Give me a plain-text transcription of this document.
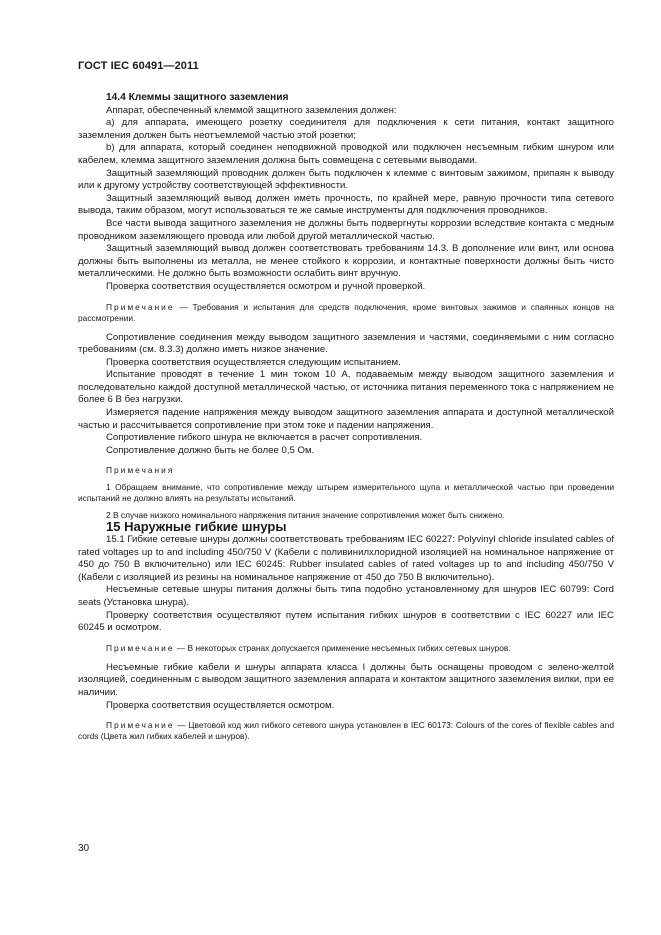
ГОСТ IEC 60491—2011

14.4 Клеммы защитного заземления

Аппарат, обеспеченный клеммой защитного заземления должен:

а) для аппарата, имеющего розетку соединителя для подключения к сети питания, контакт защитного заземления должен быть неотъемлемой частью этой розетки;

b) для аппарата, который соединен неподвижной проводкой или подключен несъемным гибким шнуром или кабелем, клемма защитного заземления должна быть совмещена с сетевыми выводами.

Защитный заземляющий проводник должен быть подключен к клемме с винтовым зажимом, припаян к выводу или к другому устройству соответствующей эффективности.

Защитный заземляющий вывод должен иметь прочность, по крайней мере, равную прочности типа сетевого вывода, таким образом, могут использоваться те же самые инструменты для подключения проводников.

Все части вывода защитного заземления не должны быть подвергнуты коррозии вследствие контакта с медным проводником заземляющего провода или любой другой металлической частью.

Защитный заземляющий вывод должен соответствовать требованиям 14.3. В дополнение или винт, или основа должны быть выполнены из металла, не менее стойкого к коррозии, и контактные поверхности должны быть чисто металлическими. Не должно быть возможности ослабить винт вручную.

Проверка соответствия осуществляется осмотром и ручной проверкой.

Примечание — Требования и испытания для средств подключения, кроме винтовых зажимов и спаянных концов на рассмотрении.

Сопротивление соединения между выводом защитного заземления и частями, соединяемыми с ним согласно требованиям (см. 8.3.3) должно иметь низкое значение.

Проверка соответствия осуществляется следующим испытанием.

Испытание проводят в течение 1 мин током 10 А, подаваемым между выводом защитного заземления и последовательно каждой доступной металлической частью, от источника питания переменного тока с напряжением не более 6 В без нагрузки.

Измеряется падение напряжения между выводом защитного заземления аппарата и доступной металлической частью и рассчитывается сопротивление при этом токе и падении напряжения.

Сопротивление гибкого шнура не включается в расчет сопротивления.

Сопротивление должно быть не более 0,5 Ом.

Примечания

1 Обращаем внимание, что сопротивление между штырем измерительного щупа и металлической частью при проведении испытаний не должно влиять на результаты испытаний.

2 В случае низкого номинального напряжения питания значение сопротивления может быть снижено.

15 Наружные гибкие шнуры

15.1 Гибкие сетевые шнуры должны соответствовать требованиям IEC 60227: Polyvinyl chloride insulated cables of rated voltages up to and including 450/750 V (Кабели с поливинилхлоридной изоляцией на номинальное напряжение от 450 до 750 В включительно) или IEC 60245: Rubber insulated cables of rated voltages up to and including 450/750 V (Кабели с изоляцией из резины на номинальное напряжение от 450 до 750 В включительно).

Несъемные сетевые шнуры питания должны быть типа подобно установленному для шнуров IEC 60799: Cord seats (Установка шнура).

Проверку соответствия осуществляют путем испытания гибких шнуров в соответствии с IEC 60227 или IEC 60245 и осмотром.

Примечание — В некоторых странах допускается применение несъемных гибких сетевых шнуров.

Несъемные гибкие кабели и шнуры аппарата класса I должны быть оснащены проводом с зелено-желтой изоляцией, соединенным с выводом защитного заземления аппарата и контактом защитного заземления вилки, при ее наличии.

Проверка соответствия осуществляется осмотром.

Примечание — Цветовой код жил гибкого сетевого шнура установлен в IEC 60173: Colours of the cores of flexible cables and cords (Цвета жил гибких кабелей и шнуров).
30
